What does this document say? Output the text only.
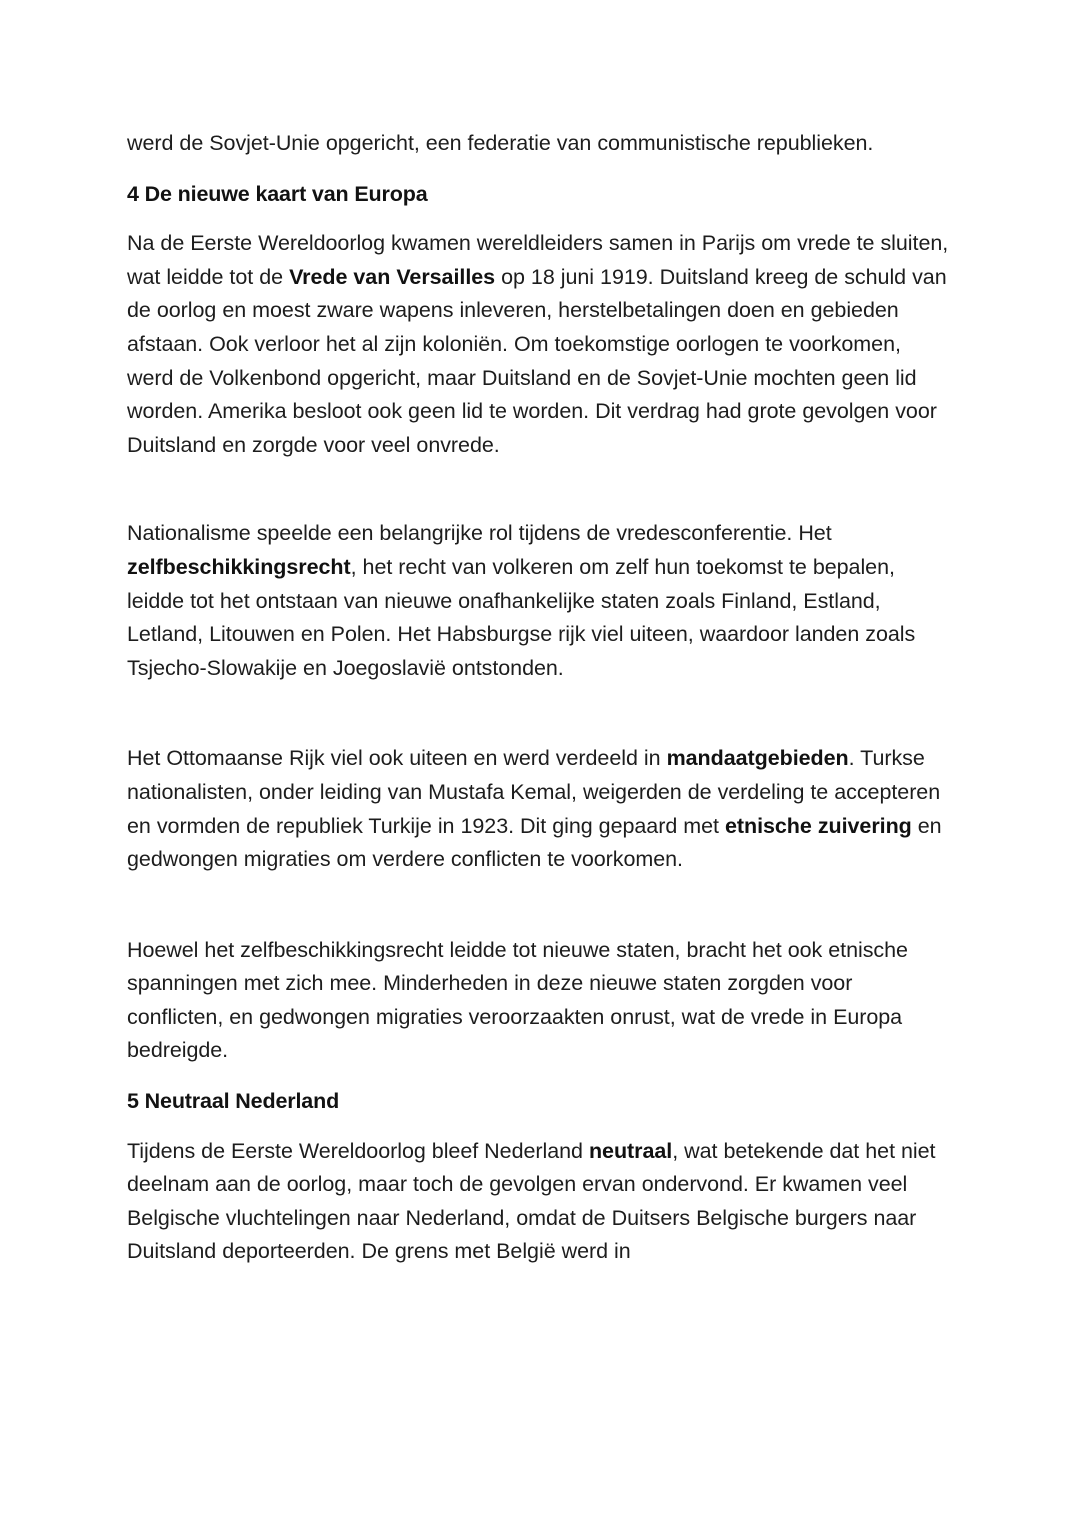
werd de Sovjet-Unie opgericht, een federatie van communistische republieken.

4 De nieuwe kaart van Europa

Na de Eerste Wereldoorlog kwamen wereldleiders samen in Parijs om vrede te sluiten, wat leidde tot de Vrede van Versailles op 18 juni 1919. Duitsland kreeg de schuld van de oorlog en moest zware wapens inleveren, herstelbetalingen doen en gebieden afstaan. Ook verloor het al zijn koloniën. Om toekomstige oorlogen te voorkomen, werd de Volkenbond opgericht, maar Duitsland en de Sovjet-Unie mochten geen lid worden. Amerika besloot ook geen lid te worden. Dit verdrag had grote gevolgen voor Duitsland en zorgde voor veel onvrede.

Nationalisme speelde een belangrijke rol tijdens de vredesconferentie. Het zelfbeschikkingsrecht, het recht van volkeren om zelf hun toekomst te bepalen, leidde tot het ontstaan van nieuwe onafhankelijke staten zoals Finland, Estland, Letland, Litouwen en Polen. Het Habsburgse rijk viel uiteen, waardoor landen zoals Tsjecho-Slowakije en Joegoslavië ontstonden.

Het Ottomaanse Rijk viel ook uiteen en werd verdeeld in mandaatgebieden. Turkse nationalisten, onder leiding van Mustafa Kemal, weigerden de verdeling te accepteren en vormden de republiek Turkije in 1923. Dit ging gepaard met etnische zuivering en gedwongen migraties om verdere conflicten te voorkomen.

Hoewel het zelfbeschikkingsrecht leidde tot nieuwe staten, bracht het ook etnische spanningen met zich mee. Minderheden in deze nieuwe staten zorgden voor conflicten, en gedwongen migraties veroorzaakten onrust, wat de vrede in Europa bedreigde.

5 Neutraal Nederland

Tijdens de Eerste Wereldoorlog bleef Nederland neutraal, wat betekende dat het niet deelnam aan de oorlog, maar toch de gevolgen ervan ondervond. Er kwamen veel Belgische vluchtelingen naar Nederland, omdat de Duitsers Belgische burgers naar Duitsland deporteerden. De grens met België werd in
